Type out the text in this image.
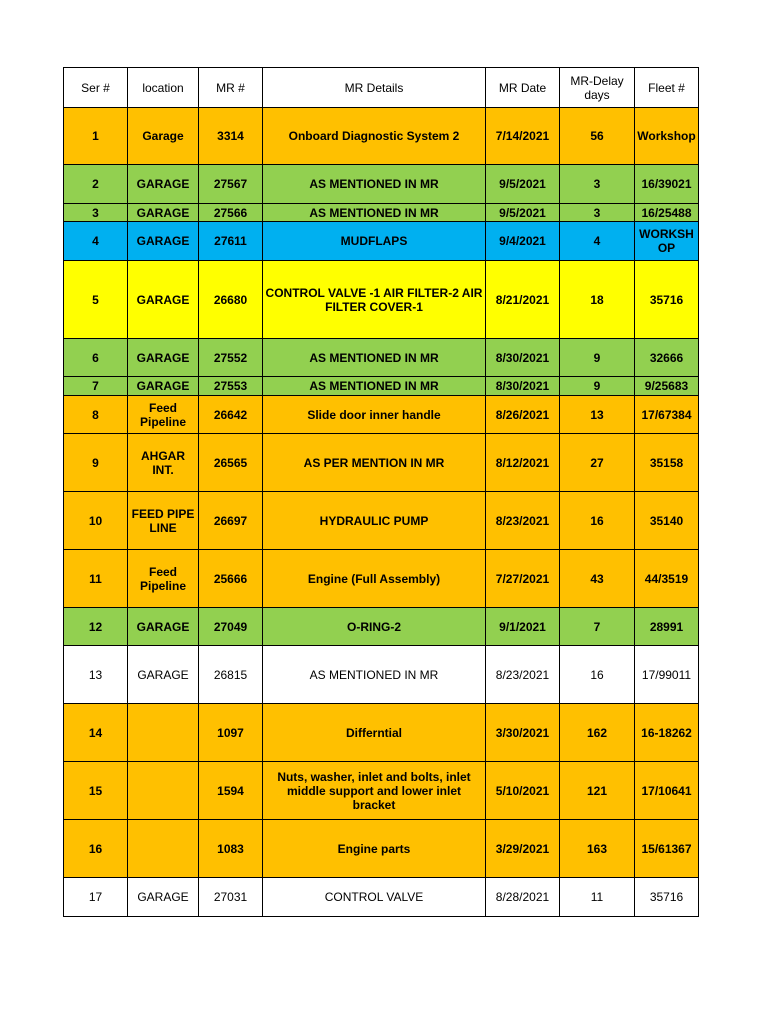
Ser #	location	MR #	MR Details	MR Date	MR-Delay days	Fleet #
1	Garage	3314	Onboard Diagnostic System 2	7/14/2021	56	Workshop
2	GARAGE	27567	AS MENTIONED IN MR	9/5/2021	3	16/39021
3	GARAGE	27566	AS MENTIONED IN MR	9/5/2021	3	16/25488
4	GARAGE	27611	MUDFLAPS	9/4/2021	4	WORKSHOP
5	GARAGE	26680	CONTROL VALVE -1 AIR FILTER-2 AIR FILTER COVER-1	8/21/2021	18	35716
6	GARAGE	27552	AS MENTIONED IN MR	8/30/2021	9	32666
7	GARAGE	27553	AS MENTIONED IN MR	8/30/2021	9	9/25683
8	Feed Pipeline	26642	Slide door inner handle	8/26/2021	13	17/67384
9	AHGAR INT.	26565	AS PER MENTION IN MR	8/12/2021	27	35158
10	FEED PIPE LINE	26697	HYDRAULIC PUMP	8/23/2021	16	35140
11	Feed Pipeline	25666	Engine (Full Assembly)	7/27/2021	43	44/3519
12	GARAGE	27049	O-RING-2	9/1/2021	7	28991
13	GARAGE	26815	AS MENTIONED IN MR	8/23/2021	16	17/99011
14		1097	Differntial	3/30/2021	162	16-18262
15		1594	Nuts, washer, inlet and bolts, inlet middle support and lower inlet bracket	5/10/2021	121	17/10641
16		1083	Engine parts	3/29/2021	163	15/61367
17	GARAGE	27031	CONTROL VALVE	8/28/2021	11	35716
